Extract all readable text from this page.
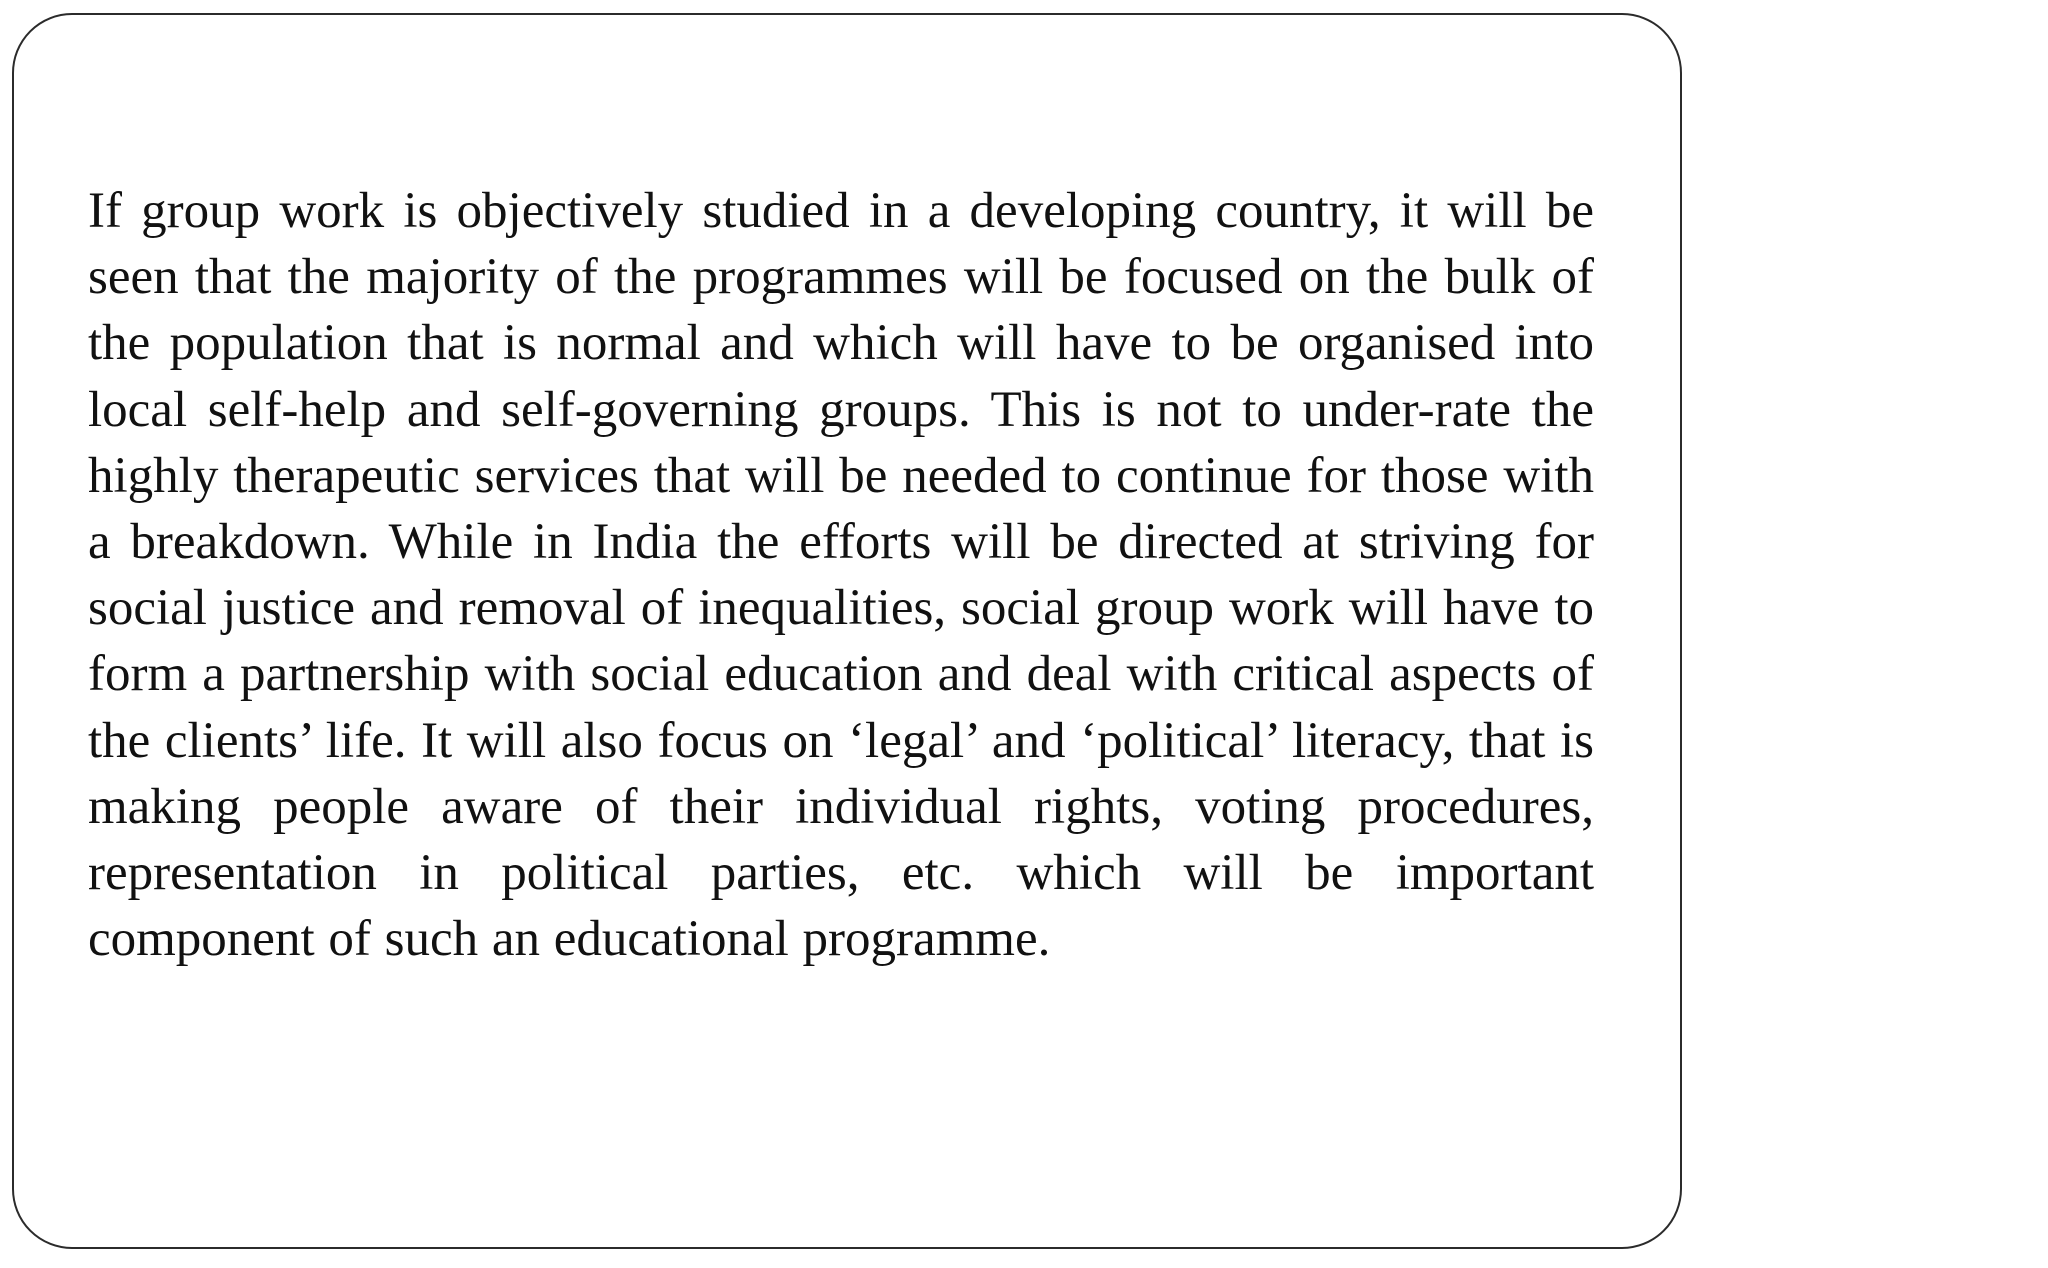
If group work is objectively studied in a developing country, it will be seen that the majority of the programmes will be focused on the bulk of the population that is normal and which will have to be organised into local self-help and self-governing groups. This is not to under-rate the highly therapeutic services that will be needed to continue for those with a breakdown. While in India the efforts will be directed at striving for social justice and removal of inequalities, social group work will have to form a partnership with social education and deal with critical aspects of the clients’ life. It will also focus on ‘legal’ and ‘political’ literacy, that is making people aware of their individual rights, voting procedures, representation in political parties, etc. which will be important component of such an educational programme.
